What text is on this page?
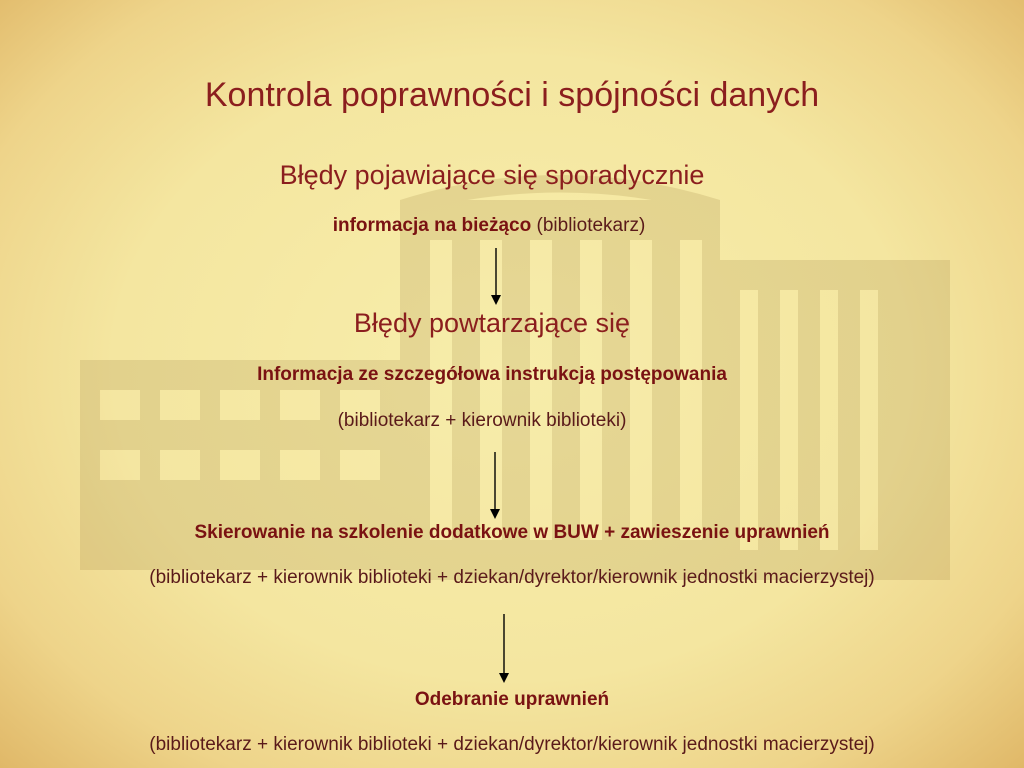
Kontrola poprawności i spójności danych
Błędy pojawiające się sporadycznie
informacja na bieżąco (bibliotekarz)
Błędy powtarzające się
Informacja ze szczegółowa instrukcją postępowania
(bibliotekarz + kierownik biblioteki)
Skierowanie na szkolenie dodatkowe w BUW + zawieszenie uprawnień
(bibliotekarz + kierownik biblioteki + dziekan/dyrektor/kierownik jednostki macierzystej)
Odebranie uprawnień
(bibliotekarz + kierownik biblioteki + dziekan/dyrektor/kierownik jednostki macierzystej)
